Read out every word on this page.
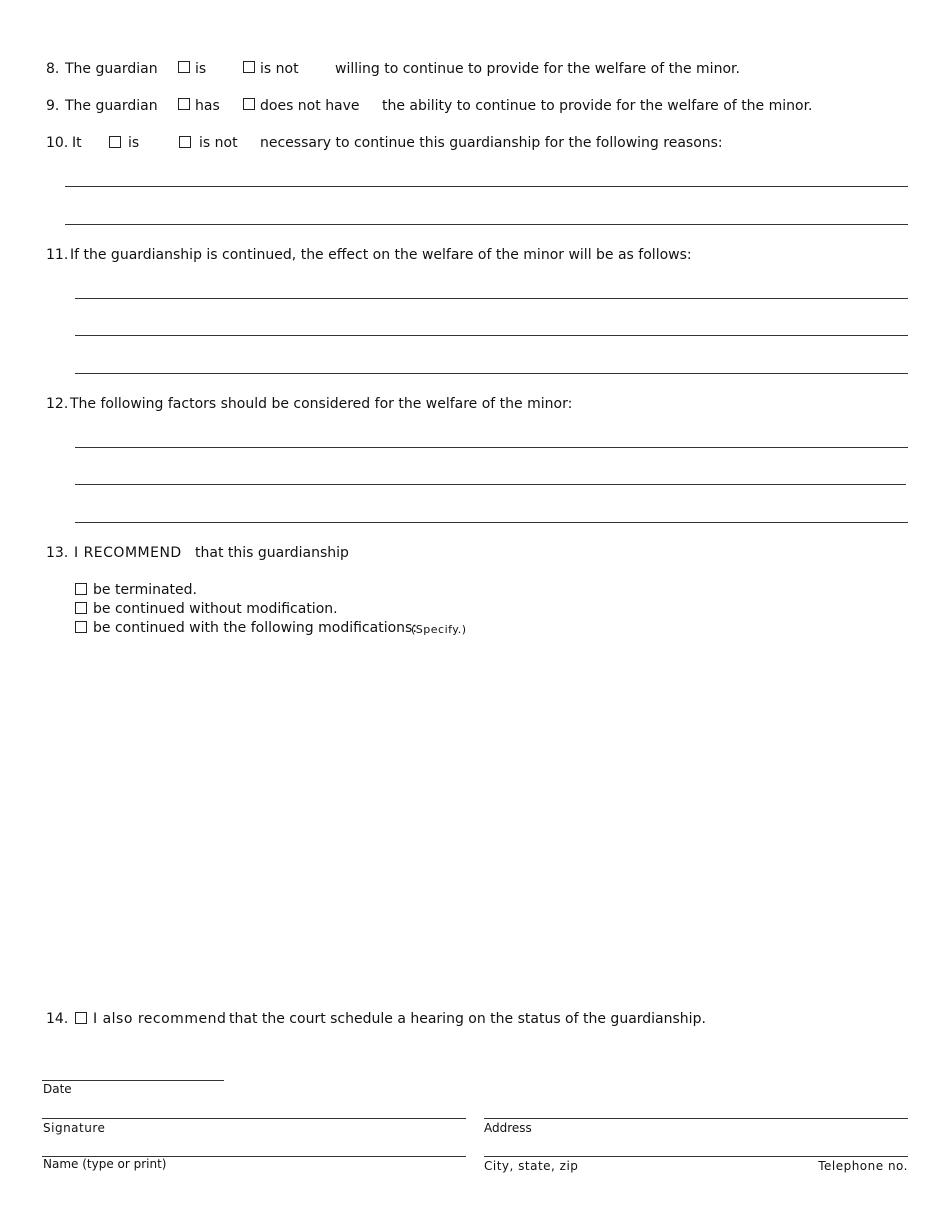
8. The guardian	is	is not	willing to continue to provide for the welfare of the minor.
9. The guardian	has	does not have the ability to continue to provide for the welfare of the minor.
10. It	is	is not necessary to continue this guardianship for the following reasons:
11. If the guardianship is continued, the effect on the welfare of the minor will be as follows:
12. The following factors should be considered for the welfare of the minor:
13. I RECOMMEND that this guardianship
be terminated.
be continued without modification.
be continued with the following modifications:
(Specify.)
14. I also recommend that the court schedule a hearing on the status of the guardianship.
Date
Signature	Address
Name (type or print)	City, state, zip	Telephone no.
